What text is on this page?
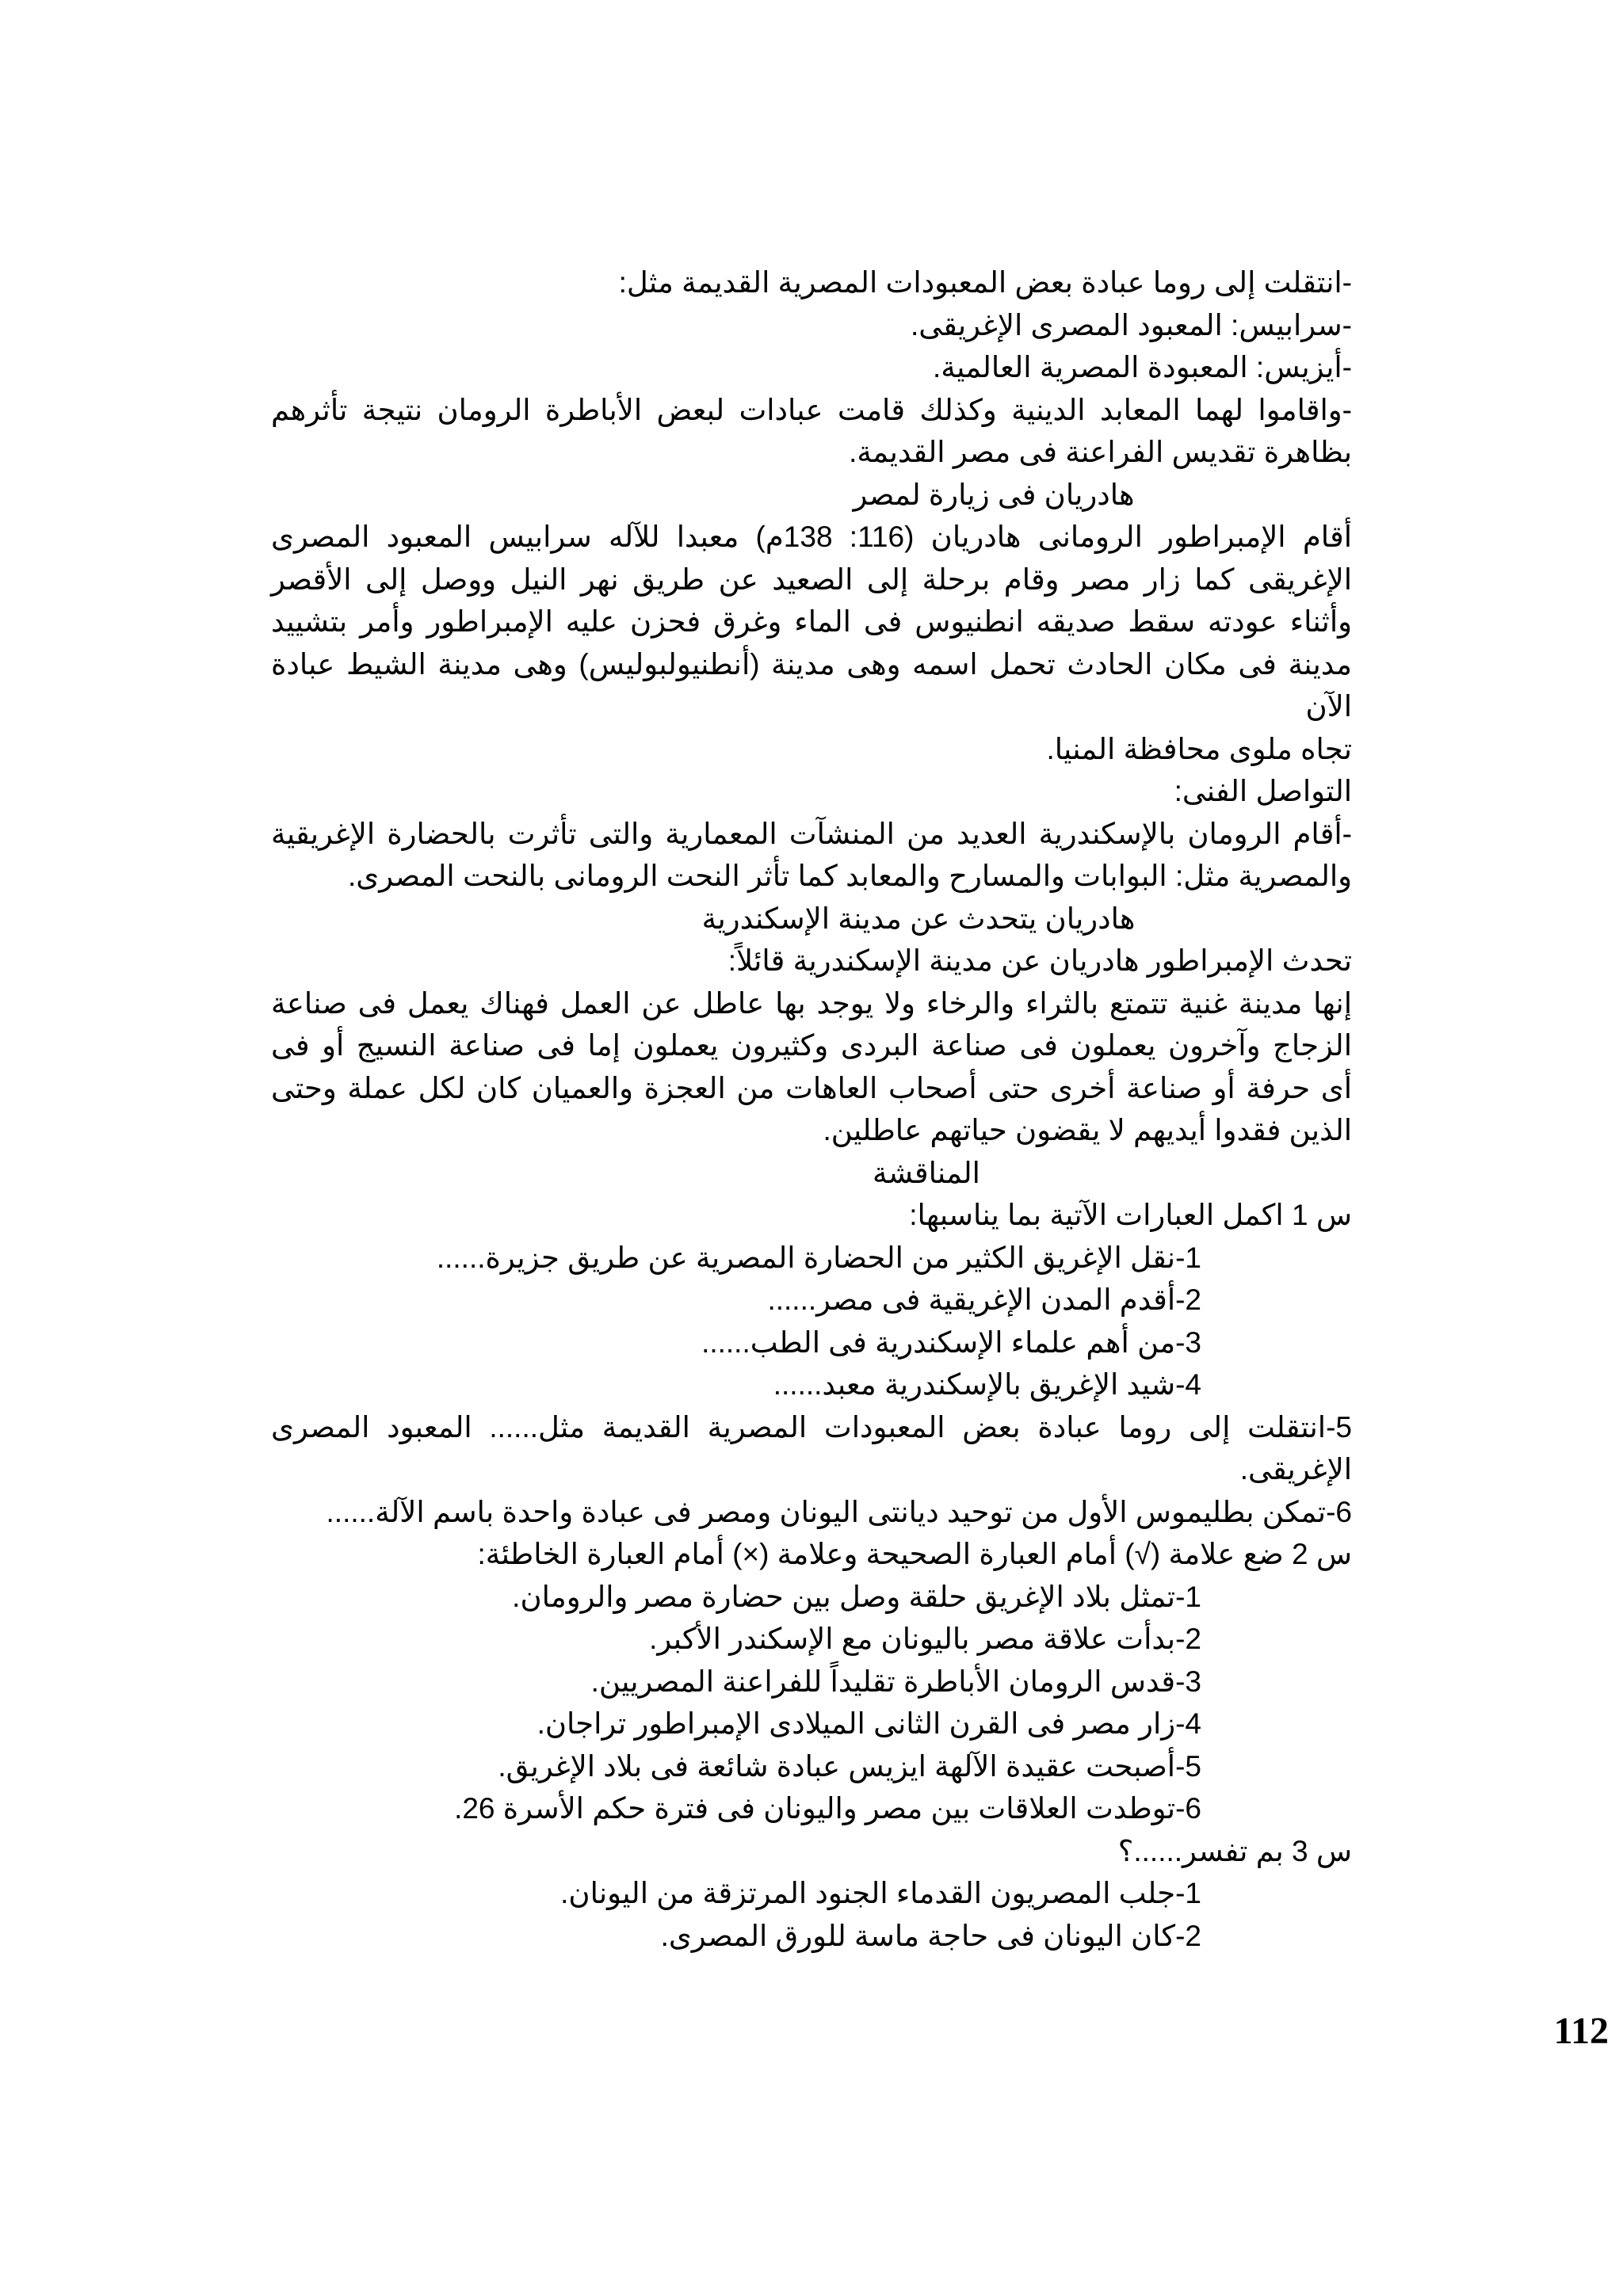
-انتقلت إلى روما عبادة بعض المعبودات المصرية القديمة مثل:

-سرابيس: المعبود المصرى الإغريقى.

-أيزيس: المعبودة المصرية العالمية.

-واقاموا لهما المعابد الدينية وكذلك قامت عبادات لبعض الأباطرة الرومان نتيجة تأثرهم

بظاهرة تقديس الفراعنة فى مصر القديمة.

هادريان فى زيارة لمصر

أقام الإمبراطور الرومانى هادريان (116: 138م) معبدا للآله سرابيس المعبود المصرى

الإغريقى كما زار مصر وقام برحلة إلى الصعيد عن طريق نهر النيل ووصل إلى الأقصر

وأثناء عودته سقط صديقه انطنيوس فى الماء وغرق فحزن عليه الإمبراطور وأمر بتشييد

مدينة فى مكان الحادث تحمل اسمه وهى مدينة (أنطنيولبوليس) وهى مدينة الشيط عبادة الآن

تجاه ملوى محافظة المنيا.

التواصل الفنى:

-أقام الرومان بالإسكندرية العديد من المنشآت المعمارية والتى تأثرت بالحضارة الإغريقية

والمصرية مثل: البوابات والمسارح والمعابد كما تأثر النحت الرومانى بالنحت المصرى.

هادريان يتحدث عن مدينة الإسكندرية

تحدث الإمبراطور هادريان عن مدينة الإسكندرية قائلاً:

إنها مدينة غنية تتمتع بالثراء والرخاء ولا يوجد بها عاطل عن العمل فهناك يعمل فى صناعة

الزجاج وآخرون يعملون فى صناعة البردى وكثيرون يعملون إما فى صناعة النسيج أو فى

أى حرفة أو صناعة أخرى حتى أصحاب العاهات من العجزة والعميان كان لكل عملة وحتى

الذين فقدوا أيديهم لا يقضون حياتهم عاطلين.

المناقشة

س 1 اكمل العبارات الآتية بما يناسبها:

1-نقل الإغريق الكثير من الحضارة المصرية عن طريق جزيرة......

2-أقدم المدن الإغريقية فى مصر......

3-من أهم علماء الإسكندرية فى الطب......

4-شيد الإغريق بالإسكندرية معبد......

5-انتقلت إلى روما عبادة بعض المعبودات المصرية القديمة مثل...... المعبود المصرى

الإغريقى.

6-تمكن بطليموس الأول من توحيد ديانتى اليونان ومصر فى عبادة واحدة باسم الآلة......

س 2 ضع علامة (√) أمام العبارة الصحيحة وعلامة (×) أمام العبارة الخاطئة:

1-تمثل بلاد الإغريق حلقة وصل بين حضارة مصر والرومان.

2-بدأت علاقة مصر باليونان مع الإسكندر الأكبر.

3-قدس الرومان الأباطرة تقليداً للفراعنة المصريين.

4-زار مصر فى القرن الثانى الميلادى الإمبراطور تراجان.

5-أصبحت عقيدة الآلهة ايزيس عبادة شائعة فى بلاد الإغريق.

6-توطدت العلاقات بين مصر واليونان فى فترة حكم الأسرة 26.

س 3 بم تفسر......؟

1-جلب المصريون القدماء الجنود المرتزقة من اليونان.

2-كان اليونان فى حاجة ماسة للورق المصرى.

112
